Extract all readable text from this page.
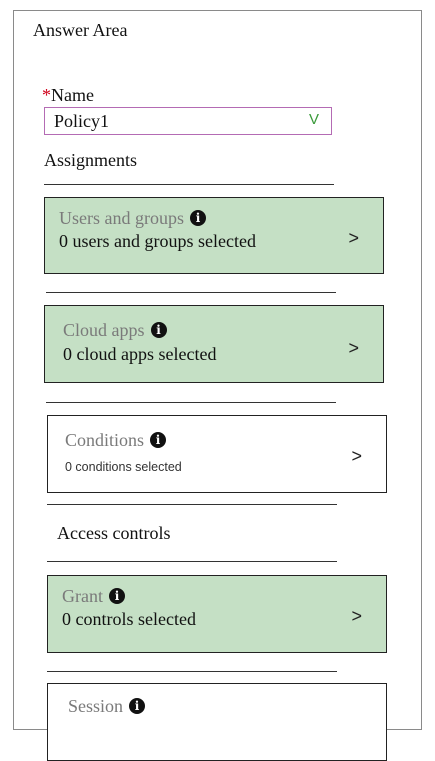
Answer Area
*Name
Policy1	V
Assignments
Users and groups i
0 users and groups selected	>
Cloud apps i
0 cloud apps selected	>
Conditions i
0 conditions selected
>
Access controls
Grant i
0 controls selected	>
Session i
